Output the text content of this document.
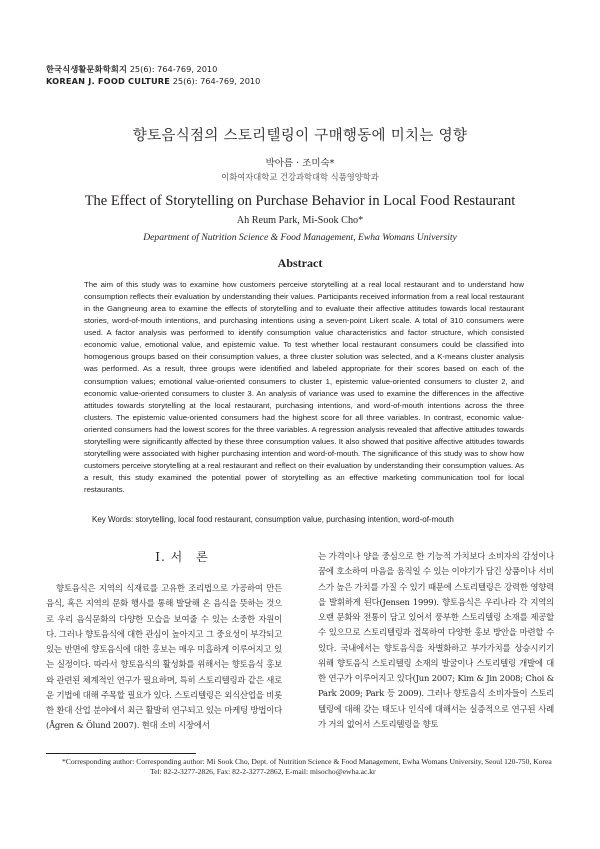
한국식생활문화학회지 25(6): 764-769, 2010
KOREAN J. FOOD CULTURE 25(6): 764-769, 2010
향토음식점의 스토리텔링이 구매행동에 미치는 영향
박아름 · 조미숙*
이화여자대학교 건강과학대학 식품영양학과
The Effect of Storytelling on Purchase Behavior in Local Food Restaurant
Ah Reum Park, Mi-Sook Cho*
Department of Nutrition Science & Food Management, Ewha Womans University
Abstract

The aim of this study was to examine how customers perceive storytelling at a real local restaurant and to understand how consumption reflects their evaluation by understanding their values. Participants received information from a real local restaurant in the Gangneung area to examine the effects of storytelling and to evaluate their affective attitudes towards local restaurant stories, word-of-mouth intentions, and purchasing intentions using a seven-point Likert scale. A total of 310 consumers were used. A factor analysis was performed to identify consumption value characteristics and factor structure, which consisted economic value, emotional value, and epistemic value. To test whether local restaurant consumers could be classified into homogenous groups based on their consumption values, a three cluster solution was selected, and a K-means cluster analysis was performed. As a result, three groups were identified and labeled appropriate for their scores based on each of the consumption values; emotional value-oriented consumers to cluster 1, epistemic value-oriented consumers to cluster 2, and economic value-oriented consumers to cluster 3. An analysis of variance was used to examine the differences in the affective attitudes towards storytelling at the local restaurant, purchasing intentions, and word-of-mouth intentions across the three clusters. The epistemic value-oriented consumers had the highest score for all three variables. In contrast, economic value-oriented consumers had the lowest scores for the three variables. A regression analysis revealed that affective attitudes towards storytelling were significantly affected by these three consumption values. It also showed that positive affective attitudes towards storytelling were associated with higher purchasing intention and word-of-mouth. The significance of this study was to show how customers perceive storytelling at a real restaurant and reflect on their evaluation by understanding their consumption values. As a result, this study examined the potential power of storytelling as an effective marketing communication tool for local restaurants.

Key Words: storytelling, local food restaurant, consumption value, purchasing intention, word-of-mouth
Ⅰ. 서　론

향토음식은 지역의 식재료를 고유한 조리법으로 가공하여 만든 음식, 혹은 지역의 문화 행사를 통해 발달해 온 음식을 뜻하는 것으로 우리 음식문화의 다양한 모습을 보여줄 수 있는 소중한 자원이다. 그러나 향토음식에 대한 관심이 높아지고 그 중요성이 부각되고 있는 반면에 향토음식에 대한 홍보는 매우 미흡하게 이루어지고 있는 실정이다. 따라서 향토음식의 활성화를 위해서는 향토음식 홍보와 관련된 체계적인 연구가 필요하며, 특히 스토리텔링과 같은 새로운 기법에 대해 주목할 필요가 있다. 스토리텔링은 외식산업을 비롯한 환대 산업 분야에서 최근 활발히 연구되고 있는 마케팅 방법이다(Ågren & Ölund 2007). 현대 소비 시장에서

는 가격이나 양을 중심으로 한 기능적 가치보다 소비자의 감성이나 꿈에 호소하여 마음을 움직일 수 있는 이야기가 담긴 상품이나 서비스가 높은 가치를 가질 수 있기 때문에 스토리텔링은 강력한 영향력을 발휘하게 된다(Jensen 1999). 향토음식은 우리나라 각 지역의 오랜 문화와 전통이 담고 있어서 풍부한 스토리텔링 소재를 제공할 수 있으므로 스토리텔링과 접목하여 다양한 홍보 방안을 마련할 수 있다. 국내에서는 향토음식을 차별화하고 부가가치를 상승시키기 위해 향토음식 스토리텔링 소재의 발굴이나 스토리텔링 개발에 대한 연구가 이루어지고 있다(Jun 2007; Kim & Jin 2008; Choi & Park 2009; Park 등 2009). 그러나 향토음식 소비자들이 스토리텔링에 대해 갖는 태도나 인식에 대해서는 실증적으로 연구된 사례가 거의 없어서 스토리텔링을 향토

*Corresponding author: Corresponding author: Mi Sook Cho, Dept. of Nutrition Science & Food Management, Ewha Womans University, Seoul 120-750, Korea
Tel: 82-2-3277-2826, Fax: 82-2-3277-2862, E-mail: misocho@ewha.ac.kr
